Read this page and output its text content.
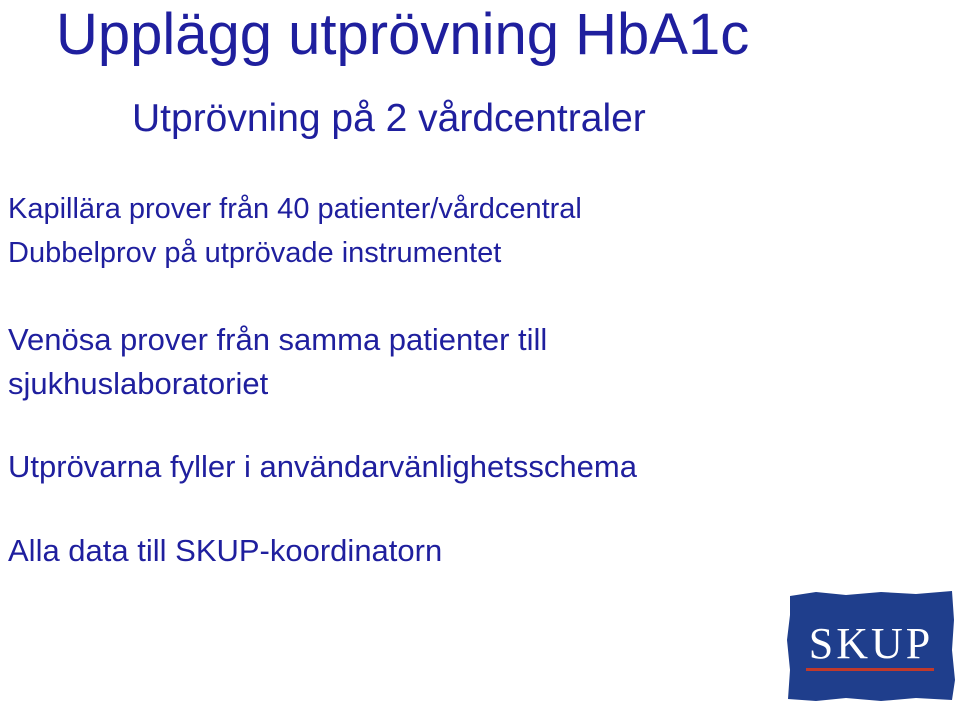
Upplägg utprövning HbA1c
Utprövning på 2 vårdcentraler

Kapillära prover från 40 patienter/vårdcentral

Dubbelprov på utprövade instrumentet

Venösa prover från samma patienter till

sjukhuslaboratoriet

Utprövarna fyller i användarvänlighetsschema

Alla data till SKUP-koordinatorn

SKUP
